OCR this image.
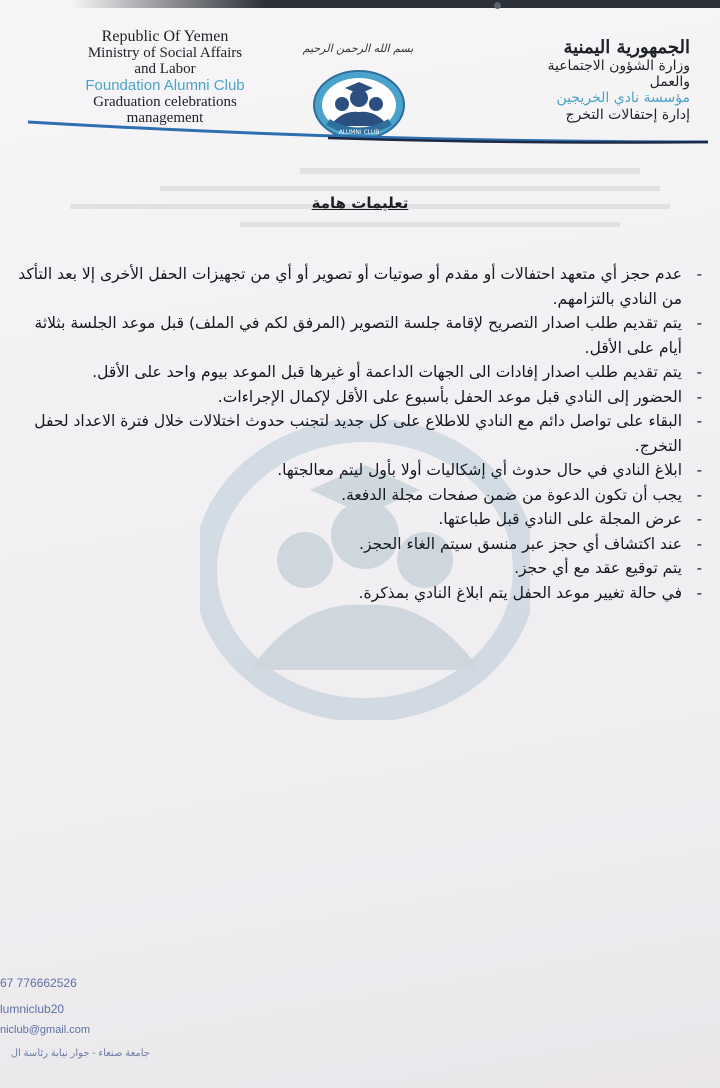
Republic Of Yemen
Ministry of Social Affairs
and Labor
Foundation Alumni Club
Graduation celebrations
management
بسم الله الرحمن الرحيم
ALUMNI CLUB
الجمهورية اليمنية
وزارة الشؤون الاجتماعية
والعمل
مؤسسة نادي الخريجين
إدارة إحتفالات التخرج
تعليمات هامة
- عدم حجز أي متعهد احتفالات أو مقدم أو صوتيات أو تصوير أو أي من تجهيزات الحفل الأخرى إلا بعد التأكد من النادي بالتزامهم.
- يتم تقديم طلب اصدار التصريح لإقامة جلسة التصوير (المرفق لكم في الملف) قبل موعد الجلسة بثلاثة أيام على الأقل.
- يتم تقديم طلب اصدار إفادات الى الجهات الداعمة أو غيرها قبل الموعد بيوم واحد على الأقل.
- الحضور إلى النادي قبل موعد الحفل بأسبوع على الأقل لإكمال الإجراءات.
- البقاء على تواصل دائم مع النادي للاطلاع على كل جديد لتجنب حدوث اختلالات خلال فترة الاعداد لحفل التخرج.
- ابلاغ النادي في حال حدوث أي إشكاليات أولا بأول ليتم معالجتها.
- يجب أن تكون الدعوة من ضمن صفحات مجلة الدفعة.
- عرض المجلة على النادي قبل طباعتها.
- عند اكتشاف أي حجز عبر منسق سيتم الغاء الحجز.
- يتم توقيع عقد مع أي حجز.
- في حالة تغيير موعد الحفل يتم ابلاغ النادي بمذكرة.
67 776662526
lumniclub20
niclub@gmail.com
جامعة صنعاء - جوار نيابة رئاسة ال
